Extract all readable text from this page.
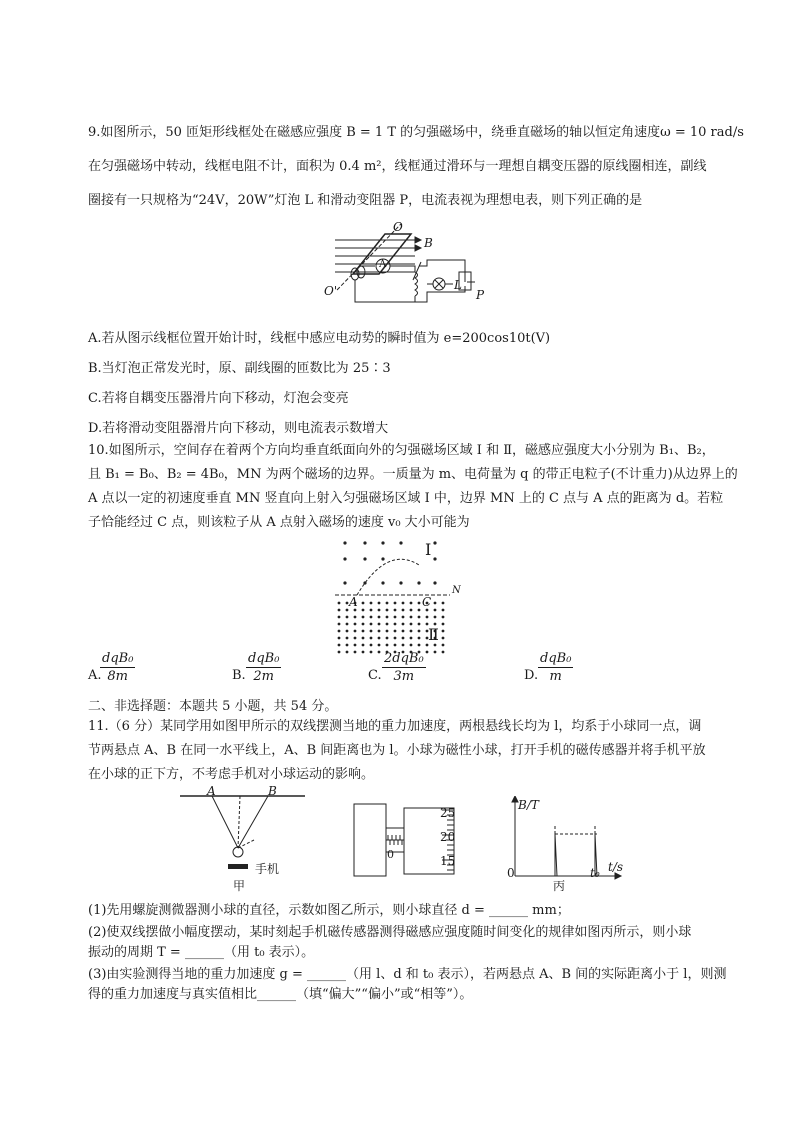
9.如图所示，50 匝矩形线框处在磁感应强度 B = 1 T 的匀强磁场中，绕垂直磁场的轴以恒定角速度ω = 10 rad/s
在匀强磁场中转动，线框电阻不计，面积为 0.4 m²，线框通过滑环与一理想自耦变压器的原线圈相连，副线
圈接有一只规格为“24V，20W”灯泡 L 和滑动变阻器 P，电流表视为理想电表，则下列正确的是
O
B
O'
A
L
P
A.若从图示线框位置开始计时，线框中感应电动势的瞬时值为 e=200cos10t(V)
B.当灯泡正常发光时，原、副线圈的匝数比为 25∶3
C.若将自耦变压器滑片向下移动，灯泡会变亮
D.若将滑动变阻器滑片向下移动，则电流表示数增大
10.如图所示，空间存在着两个方向均垂直纸面向外的匀强磁场区域 Ⅰ 和 Ⅱ，磁感应强度大小分别为 B₁、B₂，
且 B₁ = B₀、B₂ = 4B₀，MN 为两个磁场的边界。一质量为 m、电荷量为 q 的带正电粒子(不计重力)从边界上的
A 点以一定的初速度垂直 MN 竖直向上射入匀强磁场区域 Ⅰ 中，边界 MN 上的 C 点与 A 点的距离为 d。若粒
子恰能经过 C 点，则该粒子从 A 点射入磁场的速度 v₀ 大小可能为
Ⅰ
Ⅱ
A	C
N
A.
dqB₀
8m	B.
dqB₀
2m	C.
2dqB₀
3m	D.
dqB₀
m
二、非选择题：本题共 5 小题，共 54 分。
11.（6 分）某同学用如图甲所示的双线摆测当地的重力加速度，两根悬线长均为 l，均系于小球同一点，调
节两悬点 A、B 在同一水平线上，A、B 间距离也为 l。小球为磁性小球，打开手机的磁传感器并将手机平放
在小球的正下方，不考虑手机对小球运动的影响。
A	B
手机
甲
25
20
15
0
B/T
0	t₀ t/s
丙
(1)先用螺旋测微器测小球的直径，示数如图乙所示，则小球直径 d = ______ mm；
(2)使双线摆做小幅度摆动，某时刻起手机磁传感器测得磁感应强度随时间变化的规律如图丙所示，则小球
振动的周期 T = ______（用 t₀ 表示）。
(3)由实验测得当地的重力加速度 g = ______（用 l、d 和 t₀ 表示），若两悬点 A、B 间的实际距离小于 l，则测
得的重力加速度与真实值相比______（填“偏大”“偏小”或“相等”）。
